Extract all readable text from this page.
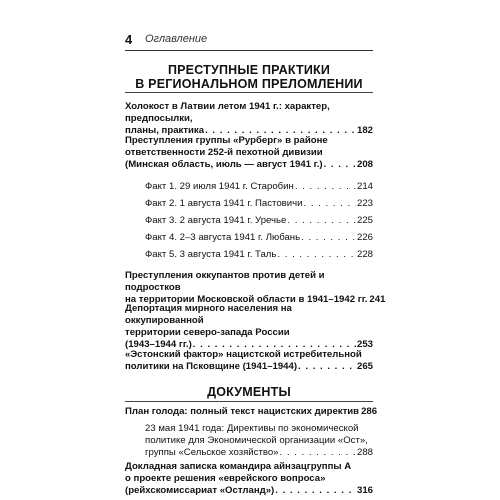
4 Оглавление
ПРЕСТУПНЫЕ ПРАКТИКИ
В РЕГИОНАЛЬНОМ ПРЕЛОМЛЕНИИ
Холокост в Латвии летом 1941 г.: характер, предпосылки,
планы, практика . . .	182
Преступления группы «Рурберг» в районе
ответственности 252-й пехотной дивизии
(Минская область, июль — август 1941 г.) . . .	208
Факт 1. 29 июля 1941 г. Старобин . . .	214
Факт 2. 1 августа 1941 г. Пастовичи . . .	223
Факт 3. 2 августа 1941 г. Уречье . . .	225
Факт 4. 2–3 августа 1941 г. Любань . . .	226
Факт 5. 3 августа 1941 г. Таль . . .	228
Преступления оккупантов против детей и подростков
на территории Московской области в 1941–1942 гг. 241
Депортация мирного населения на оккупированной
территории северо-запада России
(1943–1944 гг.) . . .	253
«Эстонский фактор» нацистской истребительной
политики на Псковщине (1941–1944) . . .	265
ДОКУМЕНТЫ
План голода: полный текст нацистских директив 286
23 мая 1941 года: Директивы по экономической
политике для Экономической организации «Ост»,
группы «Сельское хозяйство» . . .	288
Докладная записка командира айнзацгруппы А
о проекте решения «еврейского вопроса»
(рейхскомиссариат «Остланд») . . .	316
